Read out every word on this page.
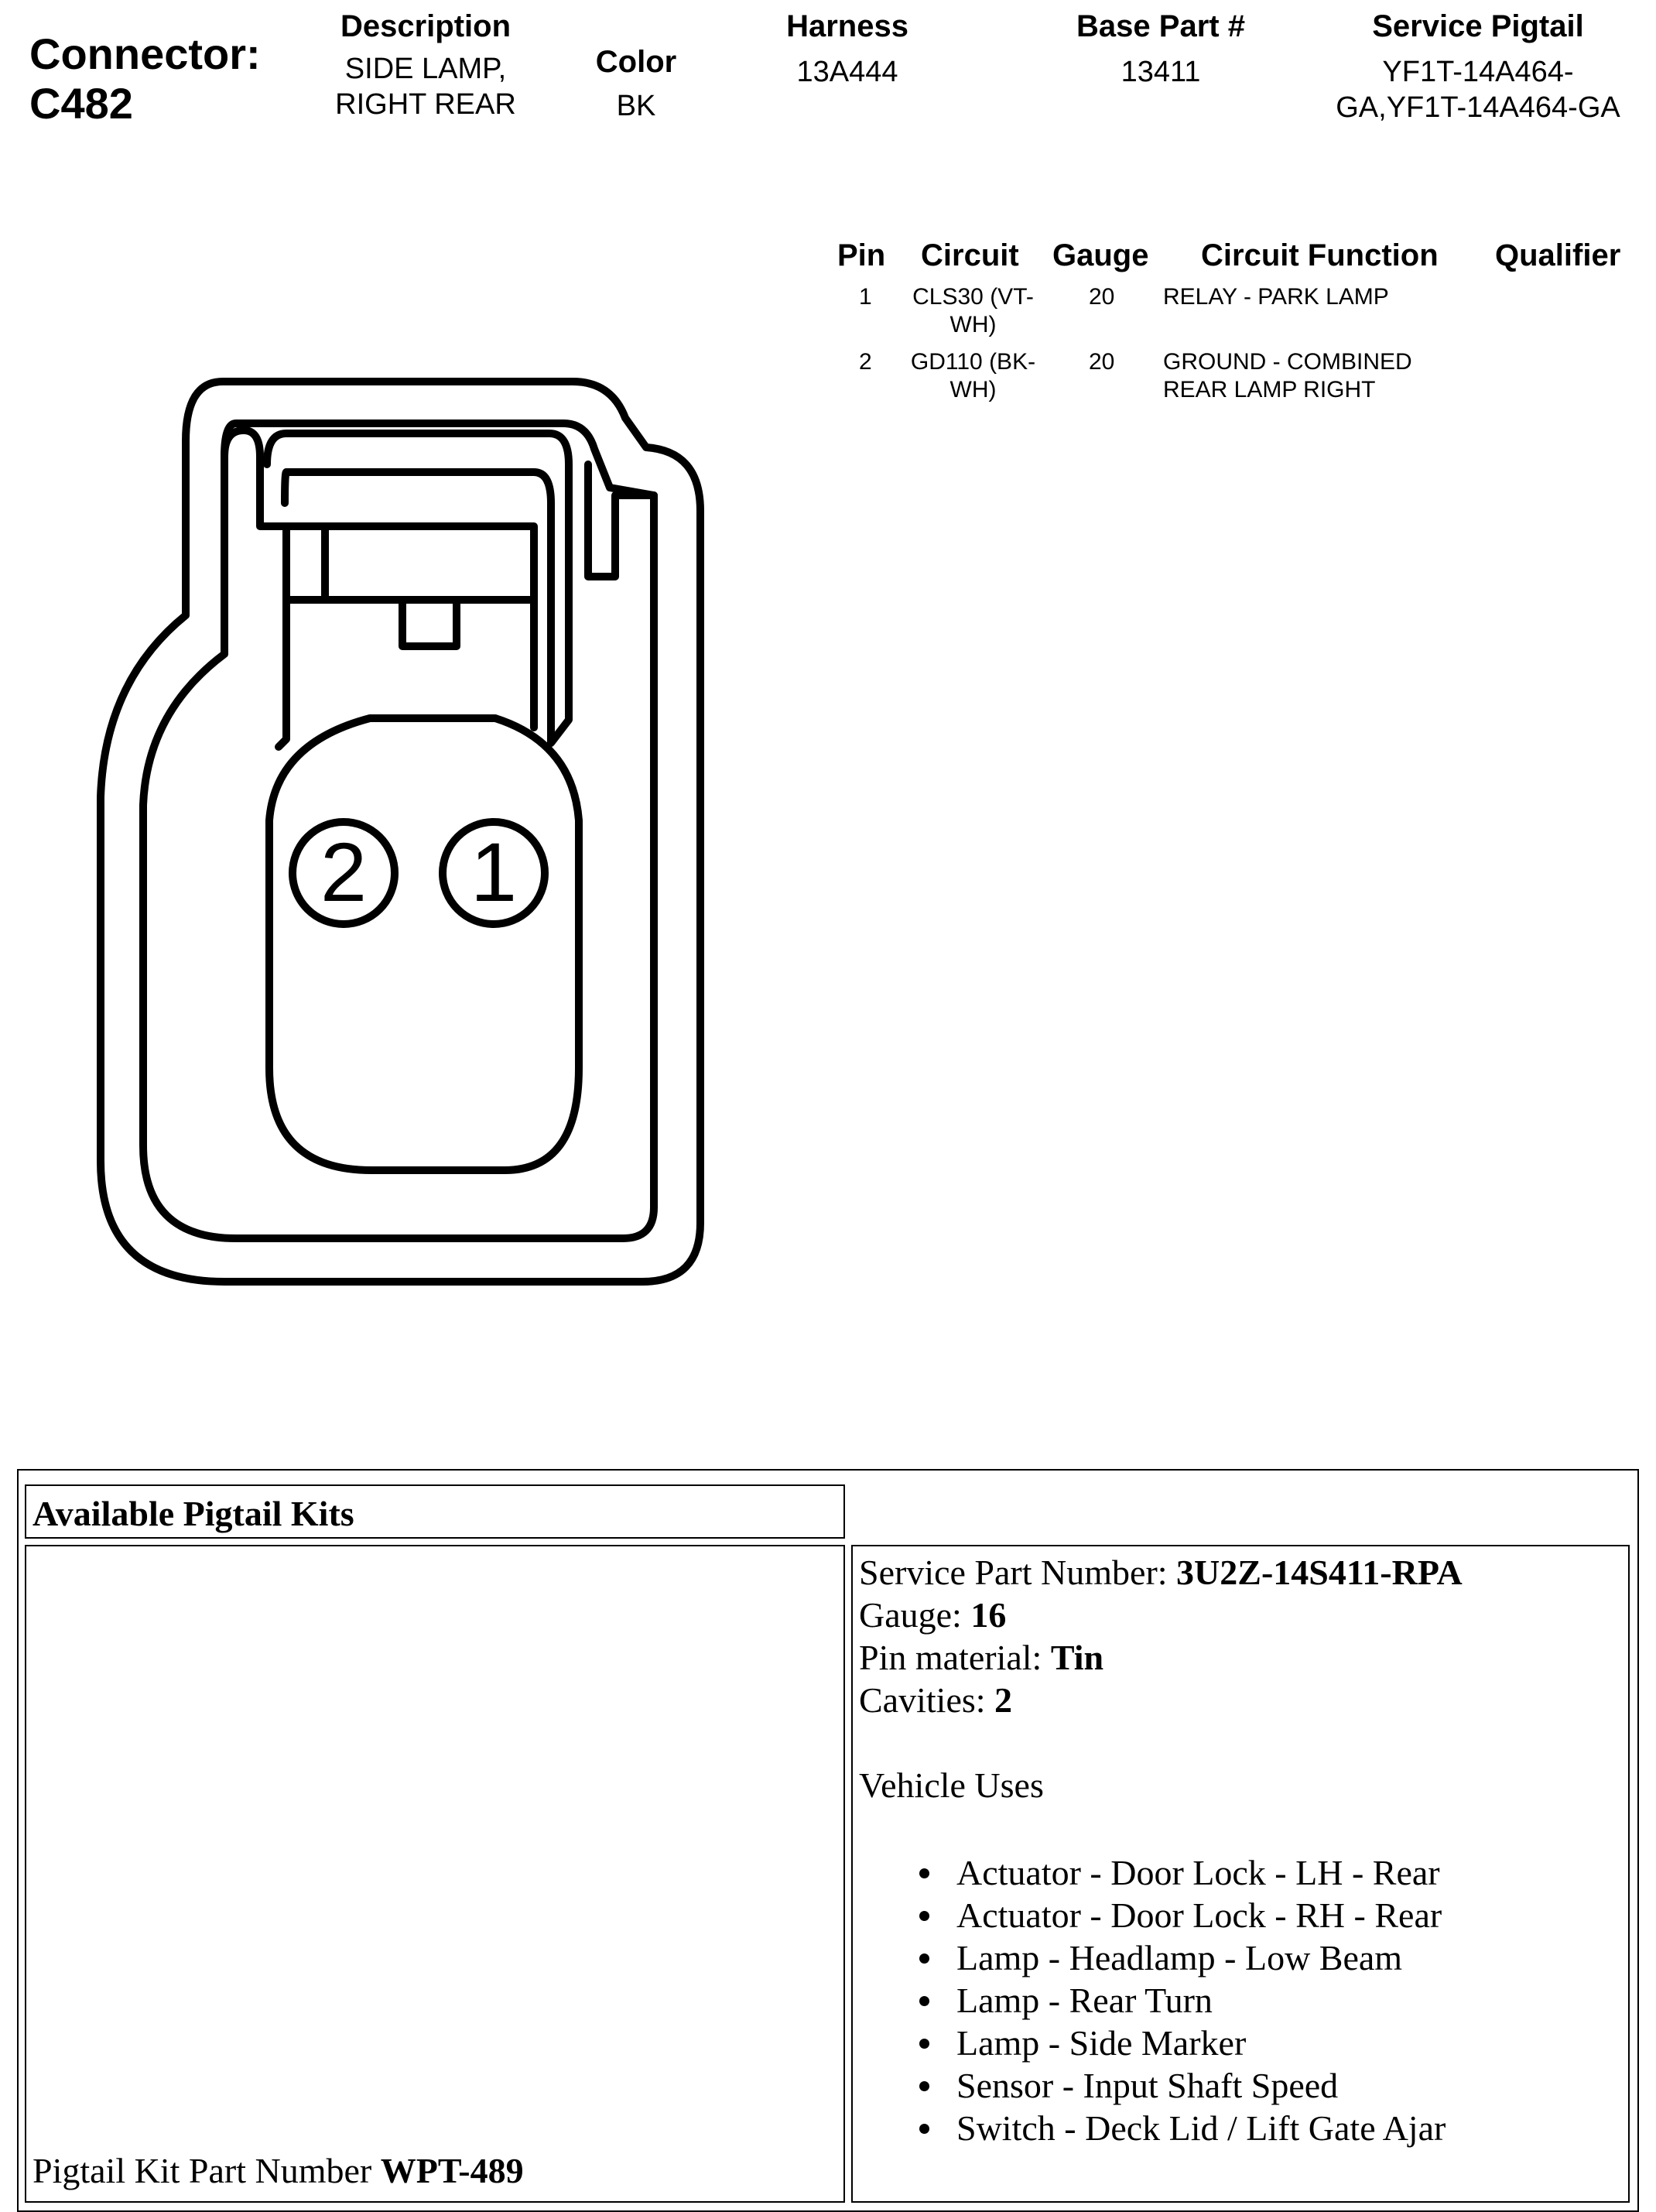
Connector: C482
Description
SIDE LAMP, RIGHT REAR
Color
BK
Harness
13A444
Base Part #
13411
Service Pigtail
YF1T-14A464-GA,YF1T-14A464-GA
Pin Circuit Gauge Circuit Function Qualifier
1	CLS30 (VT-WH)
20 RELAY - PARK LAMP
2	GD110 (BK-WH)
20 GROUND - COMBINED REAR LAMP RIGHT
2 1
Available Pigtail Kits
Pigtail Kit Part Number WPT-489
Service Part Number: 3U2Z-14S411-RPA
Gauge: 16
Pin material: Tin
Cavities: 2
Vehicle Uses
Actuator - Door Lock - LH - Rear
Actuator - Door Lock - RH - Rear
Lamp - Headlamp - Low Beam
Lamp - Rear Turn
Lamp - Side Marker
Sensor - Input Shaft Speed
Switch - Deck Lid / Lift Gate Ajar
